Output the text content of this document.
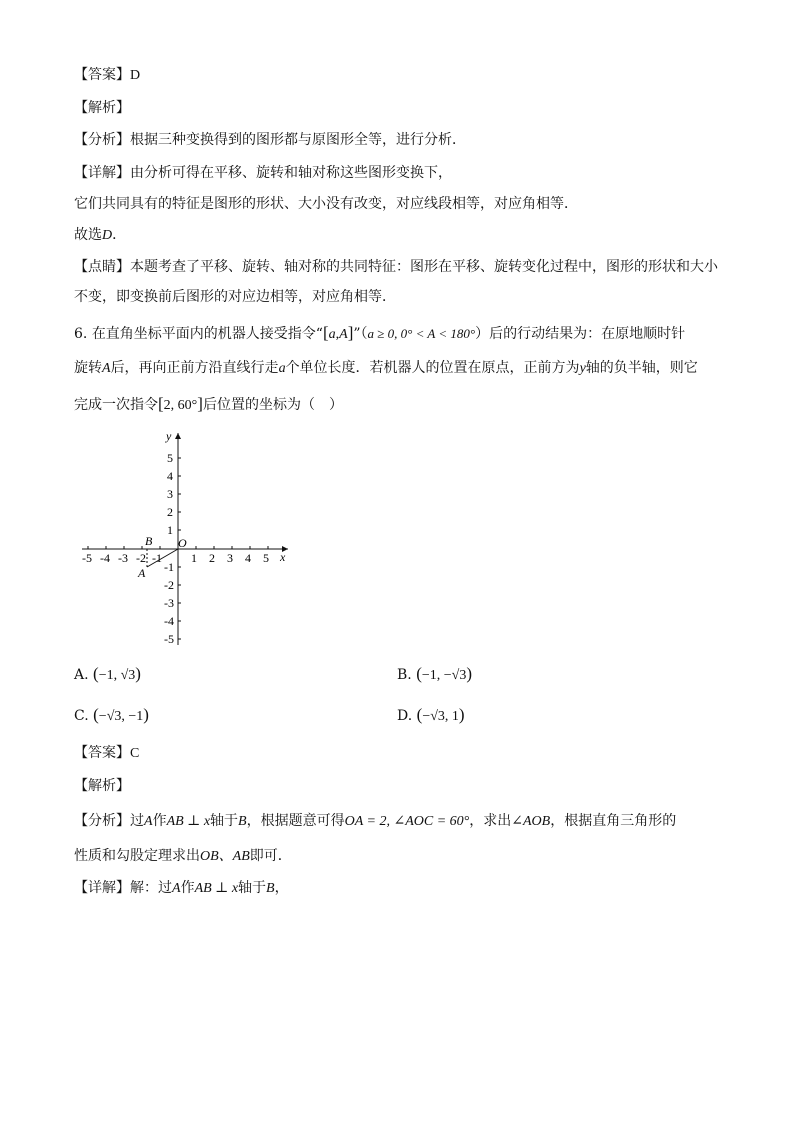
【答案】D
【解析】
【分析】根据三种变换得到的图形都与原图形全等，进行分析．
【详解】由分析可得在平移、旋转和轴对称这些图形变换下，
它们共同具有的特征是图形的形状、大小没有改变，对应线段相等，对应角相等．
故选D．
【点睛】本题考查了平移、旋转、轴对称的共同特征：图形在平移、旋转变化过程中，图形的形状和大小
不变，即变换前后图形的对应边相等，对应角相等．
6. 在直角坐标平面内的机器人接受指令“[a,A]”（a ≥ 0, 0° < A < 180°）后的行动结果为：在原地顺时针
旋转A后，再向正前方沿直线行走a个单位长度．若机器人的位置在原点，正前方为y轴的负半轴，则它
完成一次指令[2, 60°]后位置的坐标为（　）
x
y
O
-5 -4 -3 -2 -1 1 2 3 4 5
5
4
3
2
1
-1
-2
-3
-4
-5
B
A
A. (−1, √3)	B. (−1, −√3)
C. (−√3, −1)	D. (−√3, 1)
【答案】C
【解析】
【分析】过A作AB ⊥ x轴于B，根据题意可得OA = 2, ∠AOC = 60°，求出∠AOB，根据直角三角形的
性质和勾股定理求出OB、AB即可．
【详解】解：过A作AB ⊥ x轴于B，
